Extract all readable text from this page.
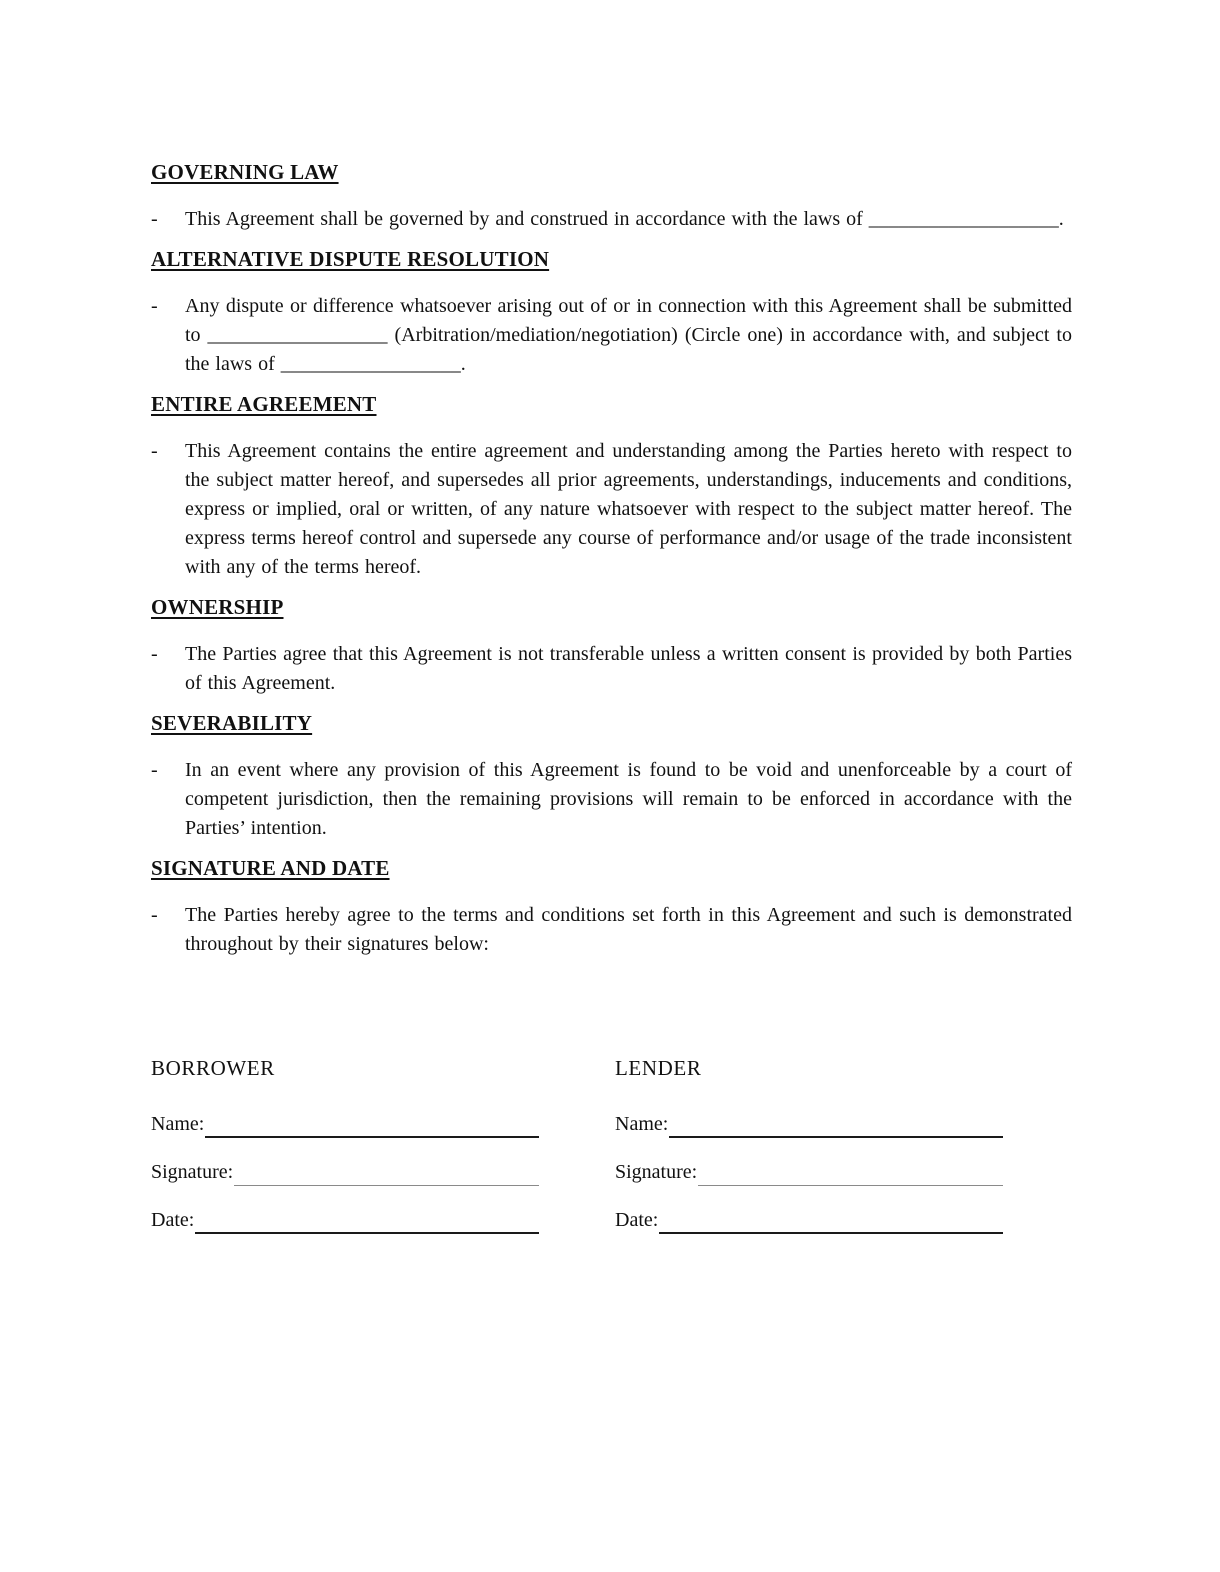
GOVERNING LAW
-	This Agreement shall be governed by and construed in accordance with the laws of ___________________.
ALTERNATIVE DISPUTE RESOLUTION
-	Any dispute or difference whatsoever arising out of or in connection with this Agreement shall be submitted to __________________ (Arbitration/mediation/negotiation) (Circle one) in accordance with, and subject to the laws of __________________.
ENTIRE AGREEMENT
-	This Agreement contains the entire agreement and understanding among the Parties hereto with respect to the subject matter hereof, and supersedes all prior agreements, understandings, inducements and conditions, express or implied, oral or written, of any nature whatsoever with respect to the subject matter hereof. The express terms hereof control and supersede any course of performance and/or usage of the trade inconsistent with any of the terms hereof.
OWNERSHIP
-	The Parties agree that this Agreement is not transferable unless a written consent is provided by both Parties of this Agreement.
SEVERABILITY
-	In an event where any provision of this Agreement is found to be void and unenforceable by a court of competent jurisdiction, then the remaining provisions will remain to be enforced in accordance with the Parties’ intention.
SIGNATURE AND DATE
-	The Parties hereby agree to the terms and conditions set forth in this Agreement and such is demonstrated throughout by their signatures below:
BORROWER
Name:
Signature:
Date:
LENDER
Name:
Signature:
Date:
